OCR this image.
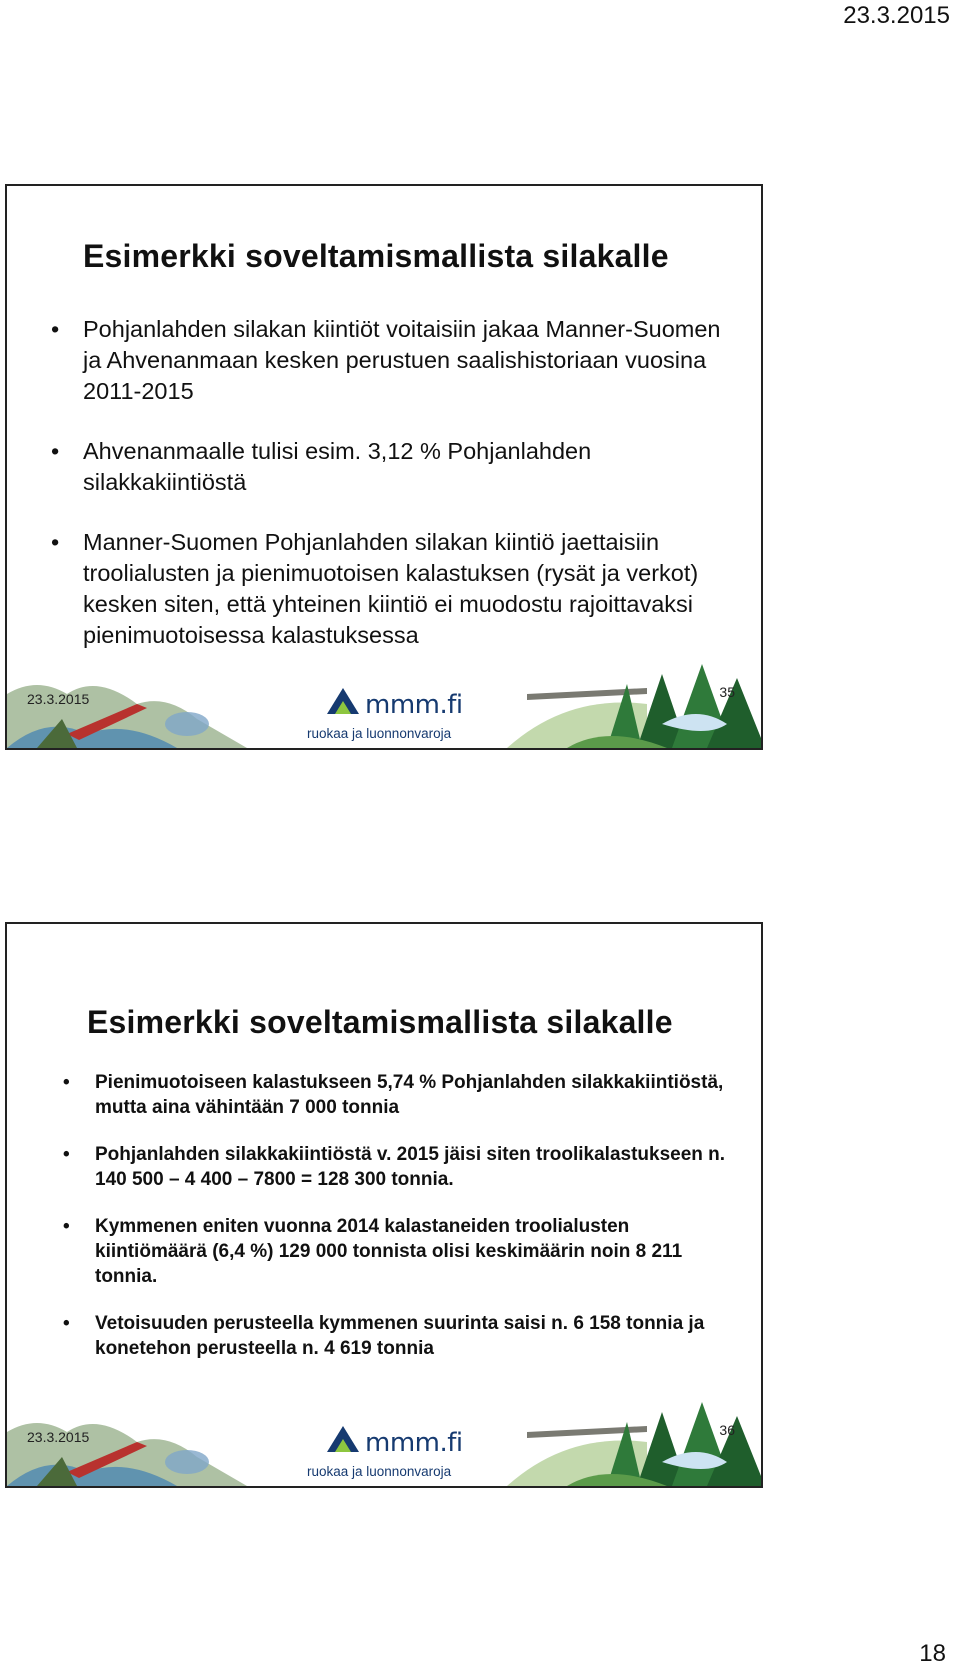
23.3.2015
Esimerkki soveltamismallista silakalle
• Pohjanlahden silakan kiintiöt voitaisiin jakaa Manner-Suomen ja Ahvenanmaan kesken perustuen saalishistoriaan vuosina 2011-2015
• Ahvenanmaalle tulisi esim. 3,12 % Pohjanlahden silakkakiintiöstä
• Manner-Suomen Pohjanlahden silakan kiintiö jaettaisiin troolialusten ja pienimuotoisen kalastuksen (rysät ja verkot) kesken siten, että yhteinen kiintiö ei muodostu rajoittavaksi pienimuotoisessa kalastuksessa
23.3.2015	mmm.fi
ruokaa ja luonnonvaroja
35
Esimerkki soveltamismallista silakalle
• Pienimuotoiseen kalastukseen 5,74 % Pohjanlahden silakkakiintiöstä, mutta aina vähintään 7 000 tonnia
• Pohjanlahden silakkakiintiöstä v. 2015 jäisi siten troolikalastukseen n. 140 500 – 4 400 – 7800 = 128 300 tonnia.
• Kymmenen eniten vuonna 2014 kalastaneiden troolialusten kiintiömäärä (6,4 %) 129 000 tonnista olisi keskimäärin noin 8 211 tonnia.
• Vetoisuuden perusteella kymmenen suurinta saisi n. 6 158 tonnia ja konetehon perusteella n. 4 619 tonnia
23.3.2015	mmm.fi
ruokaa ja luonnonvaroja
36
18
